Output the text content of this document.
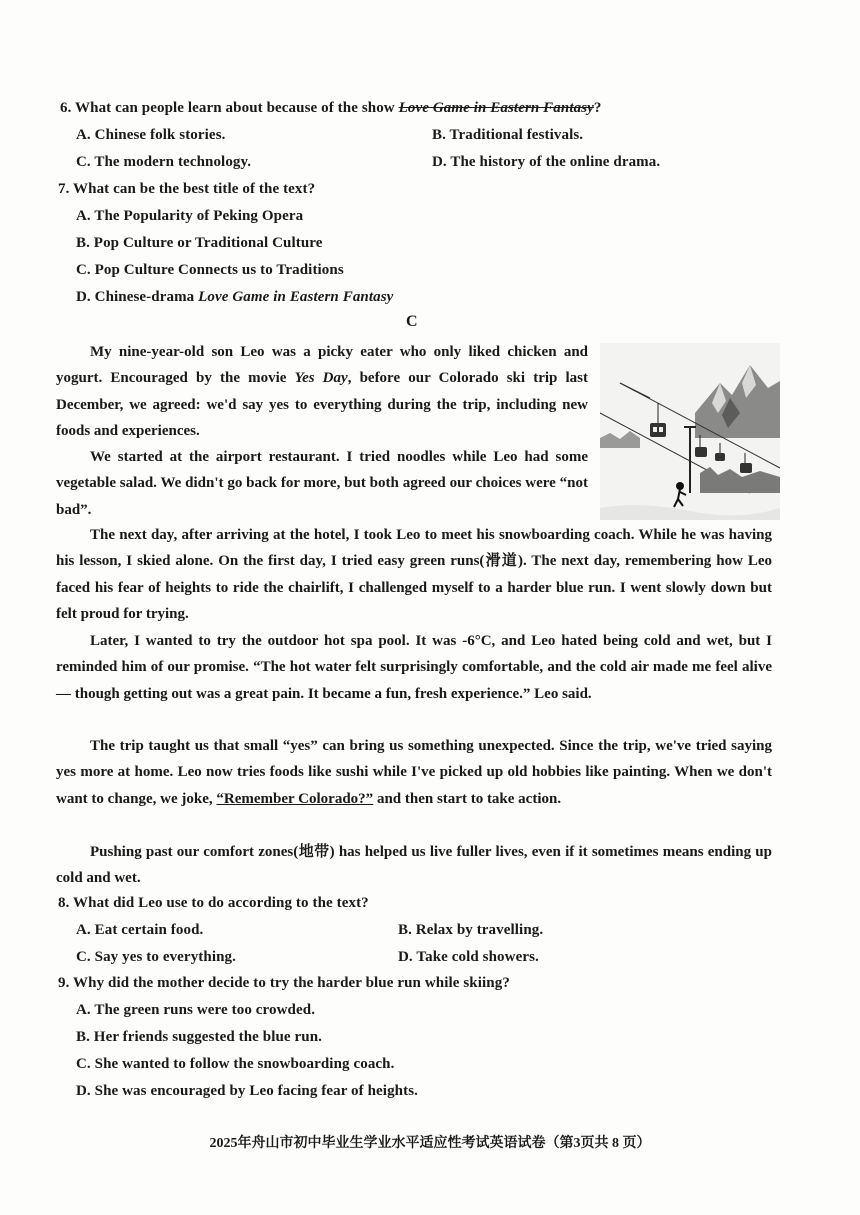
6. What can people learn about because of the show Love Game in Eastern Fantasy?
A. Chinese folk stories.	B. Traditional festivals.
C. The modern technology.	D. The history of the online drama.
7. What can be the best title of the text?
A. The Popularity of Peking Opera
B. Pop Culture or Traditional Culture
C. Pop Culture Connects us to Traditions
D. Chinese-drama Love Game in Eastern Fantasy
C

My nine-year-old son Leo was a picky eater who only liked chicken and yogurt. Encouraged by the movie Yes Day, before our Colorado ski trip last December, we agreed: we'd say yes to everything during the trip, including new foods and experiences.

We started at the airport restaurant. I tried noodles while Leo had some vegetable salad. We didn't go back for more, but both agreed our choices were “not bad”.

The next day, after arriving at the hotel, I took Leo to meet his snowboarding coach. While he was having his lesson, I skied alone. On the first day, I tried easy green runs(滑道). The next day, remembering how Leo faced his fear of heights to ride the chairlift, I challenged myself to a harder blue run. I went slowly down but felt proud for trying.

Later, I wanted to try the outdoor hot spa pool. It was -6°C, and Leo hated being cold and wet, but I reminded him of our promise. “The hot water felt surprisingly comfortable, and the cold air made me feel alive — though getting out was a great pain. It became a fun, fresh experience.” Leo said.

The trip taught us that small “yes” can bring us something unexpected. Since the trip, we've tried saying yes more at home. Leo now tries foods like sushi while I've picked up old hobbies like painting. When we don't want to change, we joke, “Remember Colorado?” and then start to take action.

Pushing past our comfort zones(地带) has helped us live fuller lives, even if it sometimes means ending up cold and wet.

8. What did Leo use to do according to the text?
A. Eat certain food.	B. Relax by travelling.
C. Say yes to everything.	D. Take cold showers.
9. Why did the mother decide to try the harder blue run while skiing?
A. The green runs were too crowded.
B. Her friends suggested the blue run.
C. She wanted to follow the snowboarding coach.
D. She was encouraged by Leo facing fear of heights.
2025年舟山市初中毕业生学业水平适应性考试英语试卷（第3页共 8 页）
